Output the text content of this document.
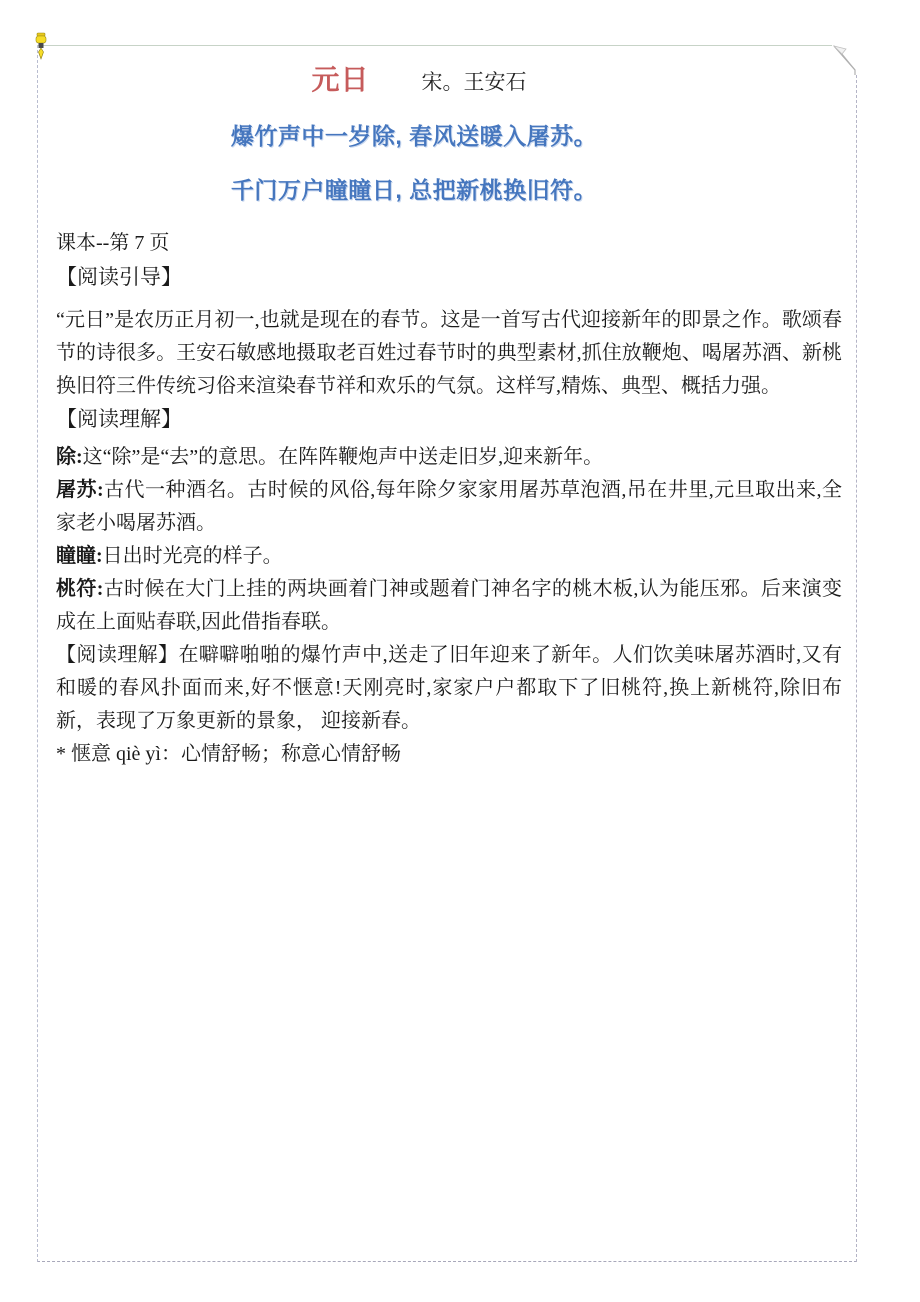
元日 宋。王安石
爆竹声中一岁除, 春风送暖入屠苏。
千门万户瞳瞳日, 总把新桃换旧符。
课本--第 7 页
【阅读引导】

“元日”是农历正月初一,也就是现在的春节。这是一首写古代迎接新年的即景之作。歌颂春节的诗很多。王安石敏感地摄取老百姓过春节时的典型素材,抓住放鞭炮、喝屠苏酒、新桃换旧符三件传统习俗来渲染春节祥和欢乐的气氛。这样写,精炼、典型、概括力强。

【阅读理解】

除:这“除”是“去”的意思。在阵阵鞭炮声中送走旧岁,迎来新年。

屠苏:古代一种酒名。古时候的风俗,每年除夕家家用屠苏草泡酒,吊在井里,元旦取出来,全家老小喝屠苏酒。

瞳瞳:日出时光亮的样子。

桃符:古时候在大门上挂的两块画着门神或题着门神名字的桃木板,认为能压邪。后来演变成在上面贴春联,因此借指春联。

【阅读理解】在噼噼啪啪的爆竹声中,送走了旧年迎来了新年。人们饮美味屠苏酒时,又有和暖的春风扑面而来,好不惬意!天刚亮时,家家户户都取下了旧桃符,换上新桃符,除旧布新，表现了万象更新的景象， 迎接新春。

* 惬意 qiè yì：心情舒畅；称意心情舒畅
